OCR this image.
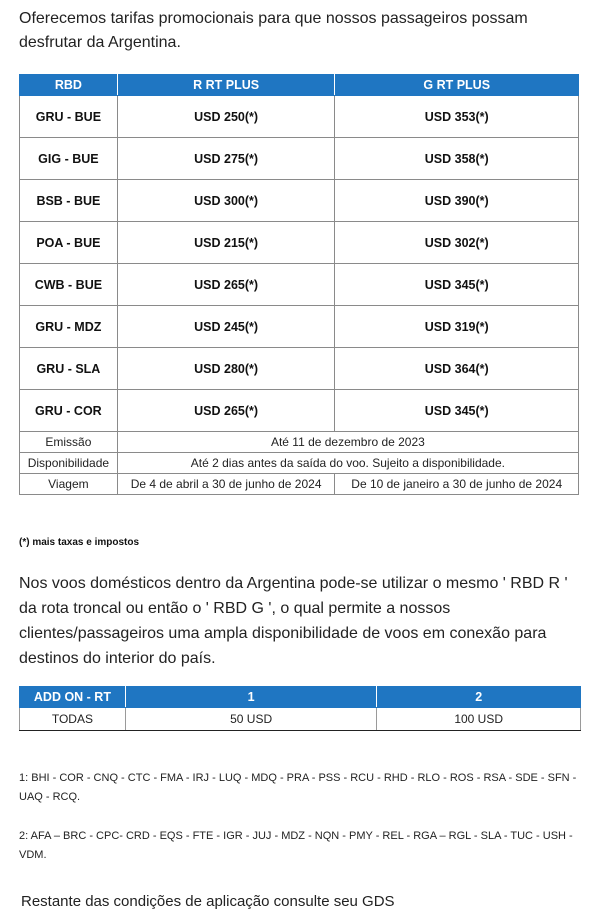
Oferecemos tarifas promocionais para que nossos passageiros possam desfrutar da Argentina.

RBD	R RT PLUS	G RT PLUS
GRU - BUE	USD 250(*)	USD 353(*)
GIG - BUE	USD 275(*)	USD 358(*)
BSB - BUE	USD 300(*)	USD 390(*)
POA - BUE	USD 215(*)	USD 302(*)
CWB - BUE	USD 265(*)	USD 345(*)
GRU - MDZ	USD 245(*)	USD 319(*)
GRU - SLA	USD 280(*)	USD 364(*)
GRU - COR	USD 265(*)	USD 345(*)
Emissão	Até 11 de dezembro de 2023	
Disponibilidade	Até 2 dias antes da saída do voo. Sujeito a disponibilidade.	
Viagem	De 4 de abril a 30 de junho de 2024	De 10 de janeiro a 30 de junho de 2024

(*) mais taxas e impostos

Nos voos domésticos dentro da Argentina pode-se utilizar o mesmo ' RBD R ' da rota troncal ou então o ' RBD G ', o qual permite a nossos clientes/passageiros uma ampla disponibilidade de voos em conexão para destinos do interior do país.

ADD ON - RT	1	2
TODAS	50 USD	100 USD

1: BHI - COR - CNQ - CTC - FMA - IRJ - LUQ - MDQ - PRA - PSS - RCU - RHD - RLO - ROS - RSA - SDE - SFN - UAQ - RCQ.

2: AFA – BRC - CPC- CRD - EQS - FTE - IGR - JUJ - MDZ - NQN - PMY - REL - RGA – RGL - SLA - TUC - USH - VDM.

Restante das condições de aplicação consulte seu GDS
